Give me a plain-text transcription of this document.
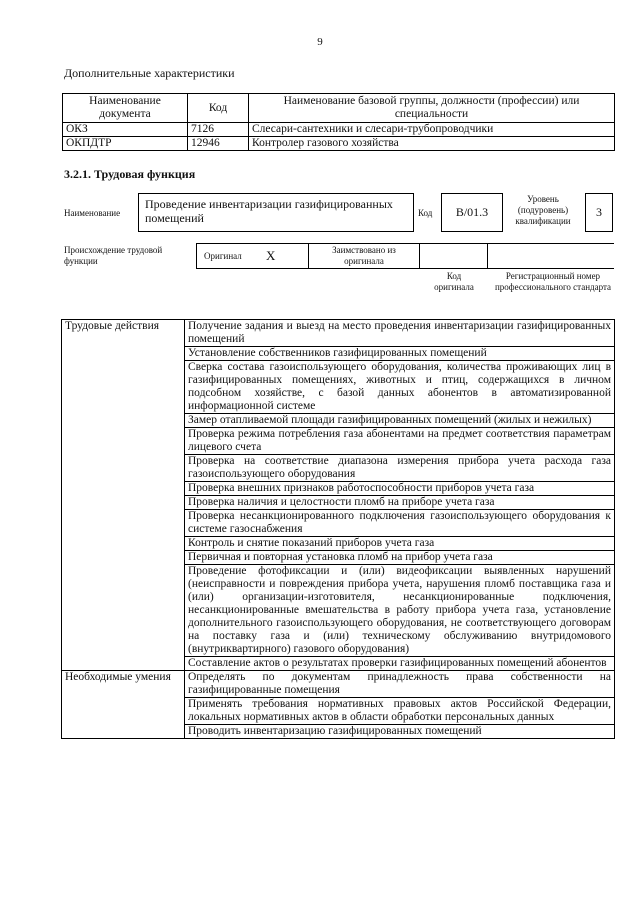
9
Дополнительные характеристики
Наименование документа	Код	Наименование базовой группы, должности (профессии) или специальности
ОКЗ	7126	Слесари-сантехники и слесари-трубопроводчики
ОКПДТР	12946	Контролер газового хозяйства
3.2.1. Трудовая функция
Наименование
Проведение инвентаризации газифицированных помещений	Код	В/01.3
Уровень (подуровень) квалификации
3
Происхождение трудовой функции	Оригинал X	Заимствовано из оригинала
Код оригинала
Регистрационный номер профессионального стандарта
Трудовые действия	Получение задания и выезд на место проведения инвентаризации газифицированных помещений
	Установление собственников газифицированных помещений
	Сверка состава газоиспользующего оборудования, количества проживающих лиц в газифицированных помещениях, животных и птиц, содержащихся в личном подсобном хозяйстве, с базой данных абонентов в автоматизированной информационной системе
	Замер отапливаемой площади газифицированных помещений (жилых и нежилых)
	Проверка режима потребления газа абонентами на предмет соответствия параметрам лицевого счета
	Проверка на соответствие диапазона измерения прибора учета расхода газа газоиспользующего оборудования
	Проверка внешних признаков работоспособности приборов учета газа
	Проверка наличия и целостности пломб на приборе учета газа
	Проверка несанкционированного подключения газоиспользующего оборудования к системе газоснабжения
	Контроль и снятие показаний приборов учета газа
	Первичная и повторная установка пломб на прибор учета газа
	Проведение фотофиксации и (или) видеофиксации выявленных нарушений (неисправности и повреждения прибора учета, нарушения пломб поставщика газа и (или) организации-изготовителя, несанкционированные подключения, несанкционированные вмешательства в работу прибора учета газа, установление дополнительного газоиспользующего оборудования, не соответствующего договорам на поставку газа и (или) техническому обслуживанию внутридомового (внутриквартирного) газового оборудования)
	Составление актов о результатах проверки газифицированных помещений абонентов
Необходимые умения	Определять по документам принадлежность права собственности на газифицированные помещения
	Применять требования нормативных правовых актов Российской Федерации, локальных нормативных актов в области обработки персональных данных
	Проводить инвентаризацию газифицированных помещений
